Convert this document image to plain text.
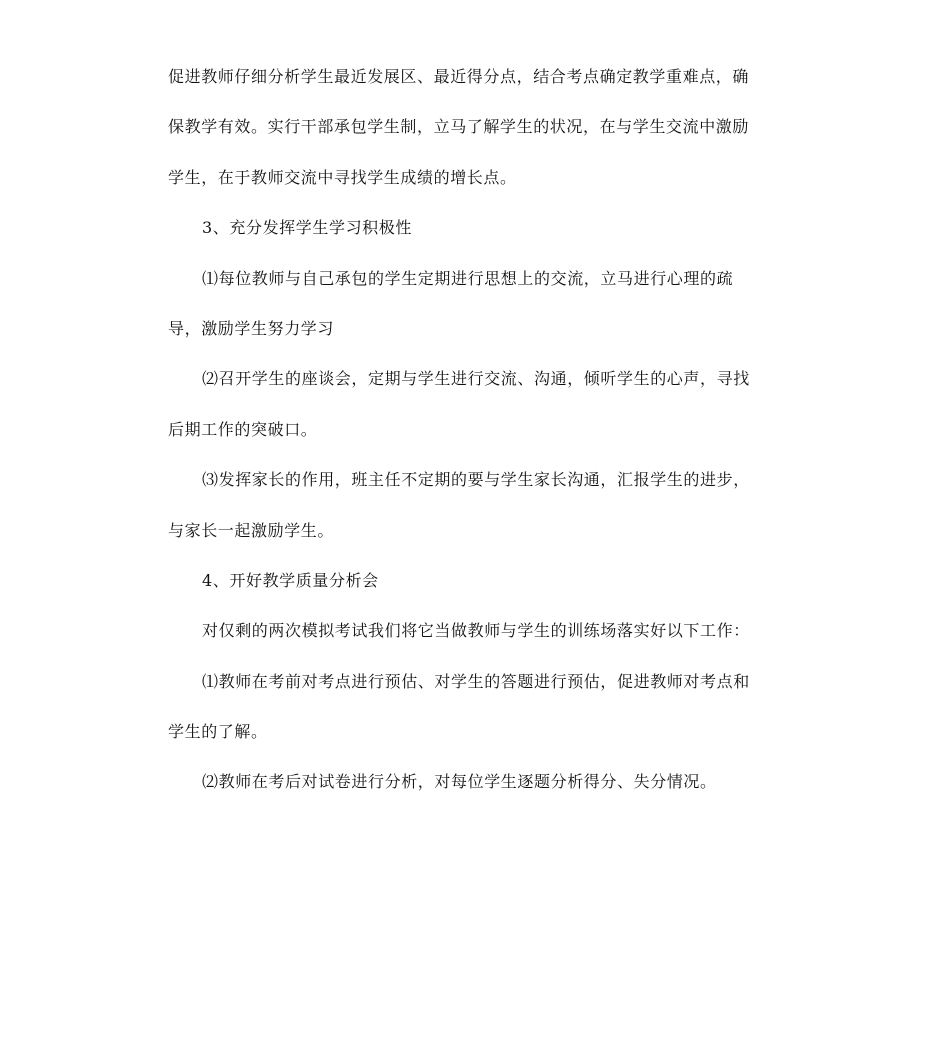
促进教师仔细分析学生最近发展区、最近得分点，结合考点确定教学重难点，确
保教学有效。实行干部承包学生制，立马了解学生的状况，在与学生交流中激励
学生，在于教师交流中寻找学生成绩的增长点。
3、充分发挥学生学习积极性
⑴每位教师与自己承包的学生定期进行思想上的交流，立马进行心理的疏
导，激励学生努力学习
⑵召开学生的座谈会，定期与学生进行交流、沟通，倾听学生的心声，寻找
后期工作的突破口。
⑶发挥家长的作用，班主任不定期的要与学生家长沟通，汇报学生的进步，
与家长一起激励学生。
4、开好教学质量分析会
对仅剩的两次模拟考试我们将它当做教师与学生的训练场落实好以下工作：
⑴教师在考前对考点进行预估、对学生的答题进行预估，促进教师对考点和
学生的了解。
⑵教师在考后对试卷进行分析，对每位学生逐题分析得分、失分情况。
